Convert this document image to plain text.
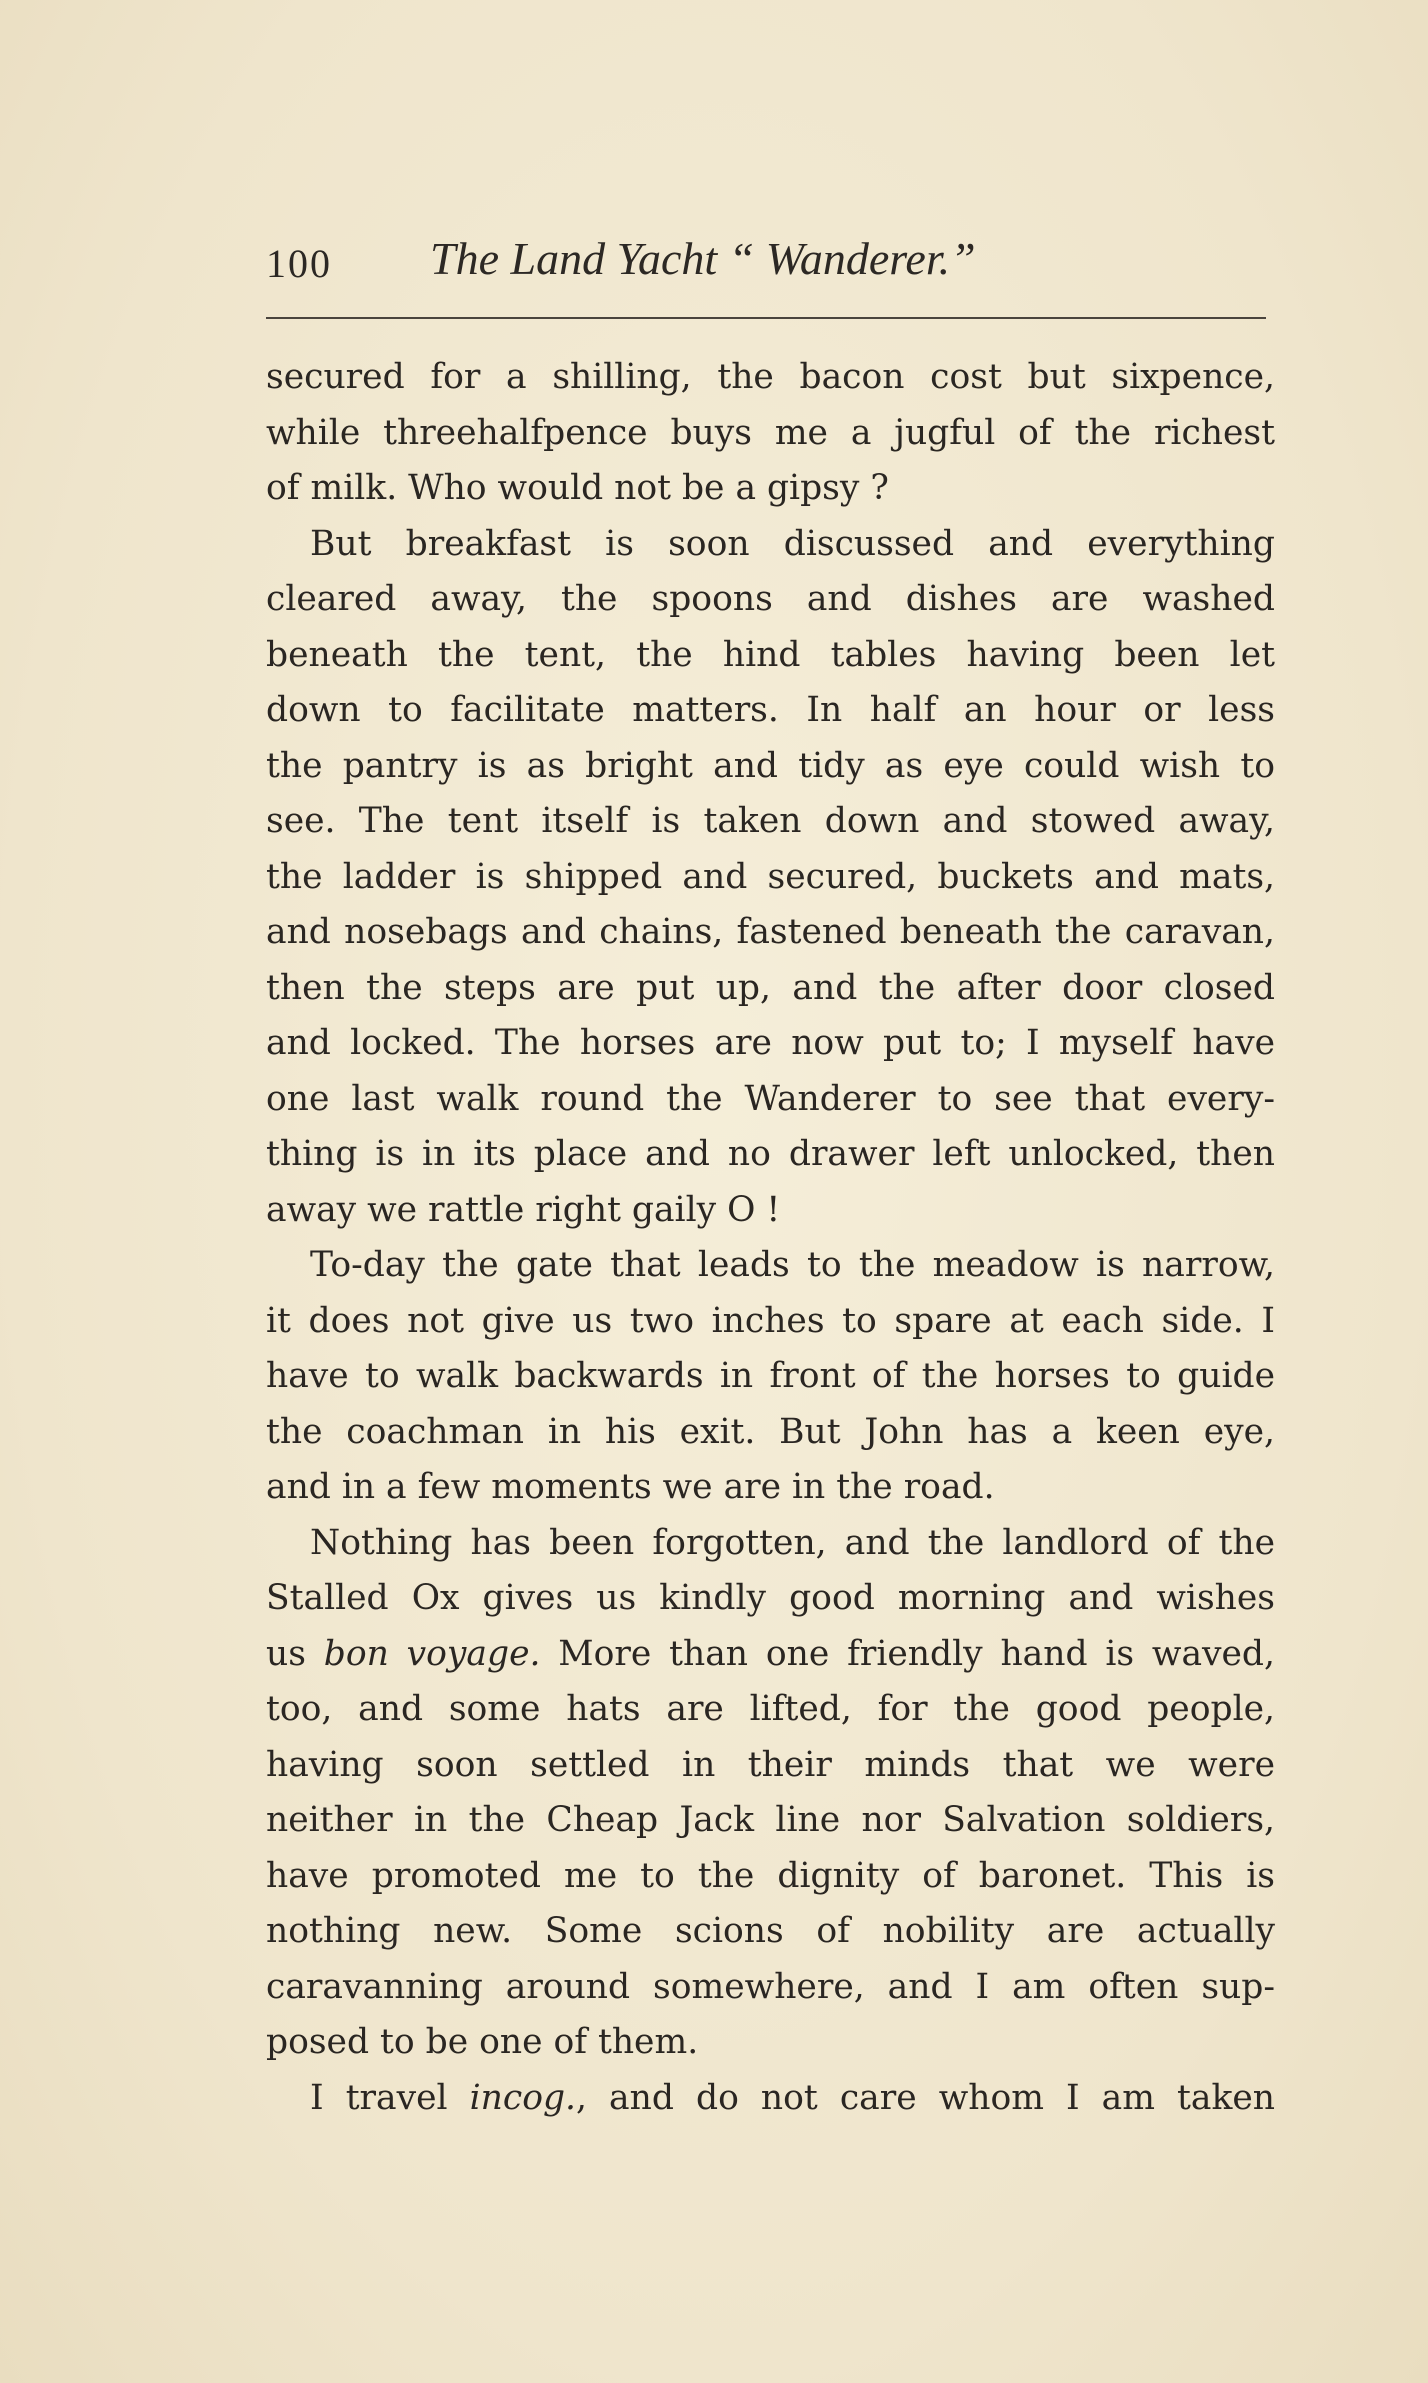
100 The Land Yacht “ Wanderer.”
secured for a shilling, the bacon cost but sixpence,
while threehalfpence buys me a jugful of the richest
of milk. Who would not be a gipsy ?
But breakfast is soon discussed and everything
cleared away, the spoons and dishes are washed
beneath the tent, the hind tables having been let
down to facilitate matters. In half an hour or less
the pantry is as bright and tidy as eye could wish to
see. The tent itself is taken down and stowed away,
the ladder is shipped and secured, buckets and mats,
and nosebags and chains, fastened beneath the caravan,
then the steps are put up, and the after door closed
and locked. The horses are now put to; I myself have
one last walk round the Wanderer to see that every-
thing is in its place and no drawer left unlocked, then
away we rattle right gaily O !
To-day the gate that leads to the meadow is narrow,
it does not give us two inches to spare at each side. I
have to walk backwards in front of the horses to guide
the coachman in his exit. But John has a keen eye,
and in a few moments we are in the road.
Nothing has been forgotten, and the landlord of the
Stalled Ox gives us kindly good morning and wishes
us bon voyage. More than one friendly hand is waved,
too, and some hats are lifted, for the good people,
having soon settled in their minds that we were
neither in the Cheap Jack line nor Salvation soldiers,
have promoted me to the dignity of baronet. This is
nothing new. Some scions of nobility are actually
caravanning around somewhere, and I am often sup-
posed to be one of them.
I travel incog., and do not care whom I am taken
